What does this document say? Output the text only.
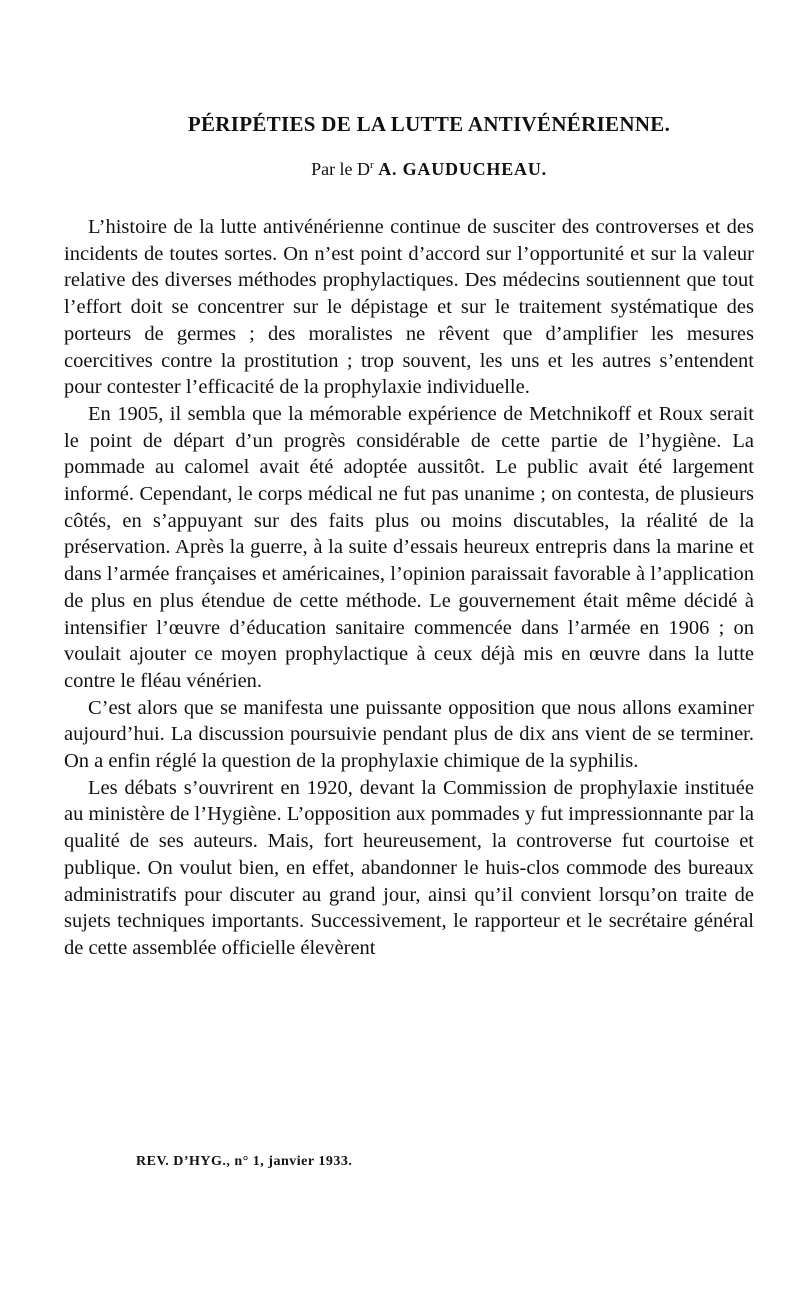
PÉRIPÉTIES DE LA LUTTE ANTIVÉNÉRIENNE.
Par le $D^r$ A. GAUDUCHEAU.

L’histoire de la lutte antivénérienne continue de susciter des controverses et des incidents de toutes sortes. On n’est point d’accord sur l’opportunité et sur la valeur relative des diverses méthodes prophylactiques. Des médecins soutiennent que tout l’effort doit se concentrer sur le dépistage et sur le traitement systématique des porteurs de germes ; des moralistes ne rêvent que d’amplifier les mesures coercitives contre la prostitution ; trop souvent, les uns et les autres s’entendent pour contester l’efficacité de la prophylaxie individuelle.

En 1905, il sembla que la mémorable expérience de Metchnikoff et Roux serait le point de départ d’un progrès considérable de cette partie de l’hygiène. La pommade au calomel avait été adoptée aussitôt. Le public avait été largement informé. Cependant, le corps médical ne fut pas unanime ; on contesta, de plusieurs côtés, en s’appuyant sur des faits plus ou moins discutables, la réalité de la préservation. Après la guerre, à la suite d’essais heureux entrepris dans la marine et dans l’armée françaises et américaines, l’opinion paraissait favorable à l’application de plus en plus étendue de cette méthode. Le gouvernement était même décidé à intensifier l’œuvre d’éducation sanitaire commencée dans l’armée en 1906 ; on voulait ajouter ce moyen prophylactique à ceux déjà mis en œuvre dans la lutte contre le fléau vénérien.

C’est alors que se manifesta une puissante opposition que nous allons examiner aujourd’hui. La discussion poursuivie pendant plus de dix ans vient de se terminer. On a enfin réglé la question de la prophylaxie chimique de la syphilis.

Les débats s’ouvrirent en 1920, devant la Commission de prophylaxie instituée au ministère de l’Hygiène. L’opposition aux pommades y fut impressionnante par la qualité de ses auteurs. Mais, fort heureusement, la controverse fut courtoise et publique. On voulut bien, en effet, abandonner le huis-clos commode des bureaux administratifs pour discuter au grand jour, ainsi qu’il convient lorsqu’on traite de sujets techniques importants. Successivement, le rapporteur et le secrétaire général de cette assemblée officielle élevèrent

REV. D’HYG., n° 1, janvier 1933.
